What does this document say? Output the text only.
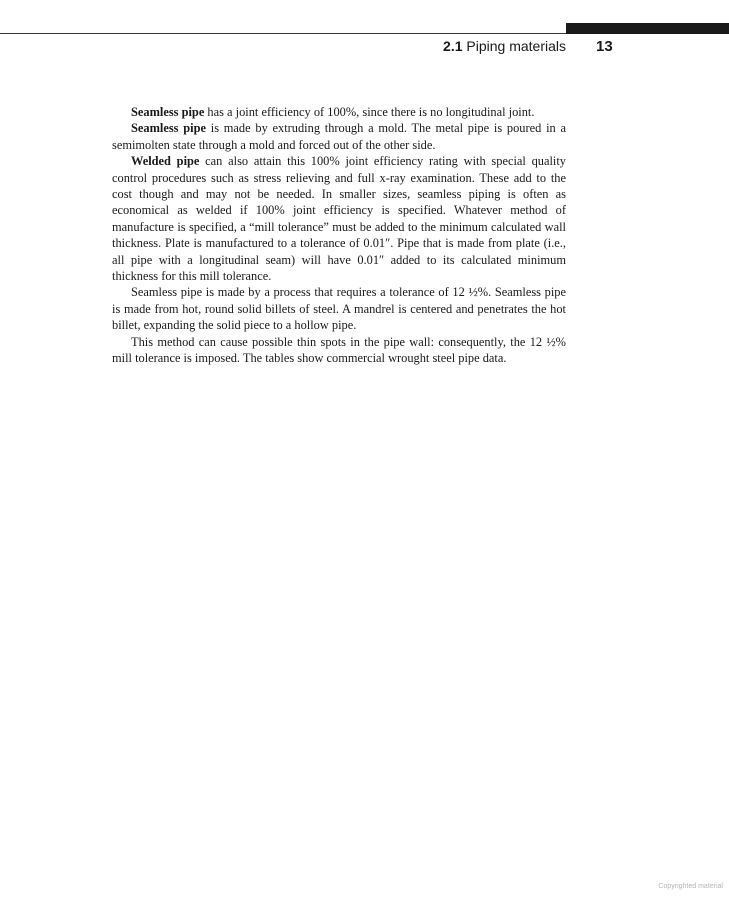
2.1 Piping materials 13

Seamless pipe has a joint efficiency of 100%, since there is no longitudinal joint.

Seamless pipe is made by extruding through a mold. The metal pipe is poured in a semimolten state through a mold and forced out of the other side.

Welded pipe can also attain this 100% joint efficiency rating with special quality control procedures such as stress relieving and full x-ray examination. These add to the cost though and may not be needed. In smaller sizes, seamless piping is often as economical as welded if 100% joint efficiency is specified. Whatever method of manufacture is specified, a “mill tolerance” must be added to the minimum calculated wall thickness. Plate is manufactured to a tolerance of 0.01″. Pipe that is made from plate (i.e., all pipe with a longitudinal seam) will have 0.01″ added to its calculated minimum thickness for this mill tolerance.

Seamless pipe is made by a process that requires a tolerance of 12 ½%. Seamless pipe is made from hot, round solid billets of steel. A mandrel is centered and penetrates the hot billet, expanding the solid piece to a hollow pipe.

This method can cause possible thin spots in the pipe wall: consequently, the 12 ½% mill tolerance is imposed. The tables show commercial wrought steel pipe data.

Copyrighted material
